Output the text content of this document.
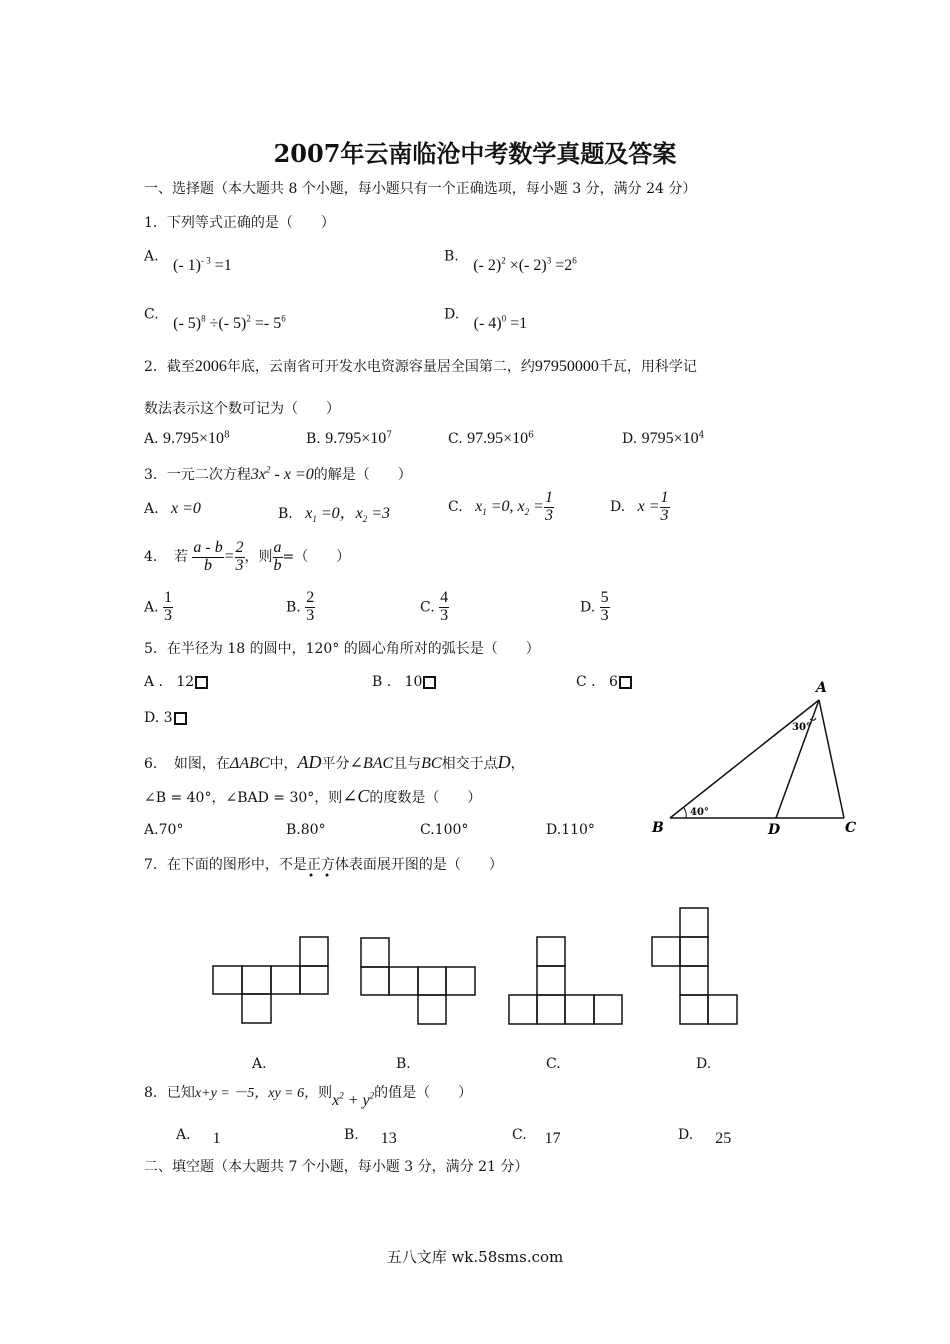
2007年云南临沧中考数学真题及答案
一、选择题（本大题共 8 个小题，每小题只有一个正确选项，每小题 3 分，满分 24 分）
1．下列等式正确的是（　　）
A. (- 1)$^{- 3}$ =1
B. (- 2)$^2$ ×(- $2)^3 =2^6$
C. (- 5)$^8$ ÷(- $5)^2 =- 5^6$	D. (- 4)$^0$ =1
2．截至2006年底，云南省可开发水电资源容量居全国第二，约97950000千瓦，用科学记
数法表示这个数可记为（　　）
A. $9.795\times 10^8$	B. $9.795\times 10^7$	C. $97.95\times 10^6$	D. $9795\times 10^4$
3．一元二次方程$3x^2 - x =0$的解是（　　）
A. x =0	B. $x_1 =0$，$x_2 =3$	C. $x_1 =0$, $x_2 = \frac{1}{3}$	D. $x = \frac{1}{3}$
4．　若 $\frac{a - b}{b} = \frac{2}{3}$ ，则 $\frac{a}{b}$ =（　　）
A. $\frac{1}{3}$	B. $\frac{2}{3}$	C. $\frac{4}{3}$	D. $\frac{5}{3}$
5．在半径为 18 的圆中，120° 的圆心角所对的弧长是（　　）
A . 12	B . 10	C . 6
D. 3
6．　如图，在ΔABC中，AD平分∠BAC且与BC相交于点D，
∠B = 40°，∠BAD = 30°，则∠C的度数是（　　）
A.70°	B.80°	C.100°	D.110°
A
B	C
D
30°
40°
7．在下面的图形中，不是正方体表面展开图的是（　　）
A.	B.	C.	D.
8．已知x+y = －5，xy = 6，则$x^2 + y^2$的值是（　　）
A. 1	B. 13	C. 17	D. 25
二、填空题（本大题共 7 个小题，每小题 3 分，满分 21 分）
五八文库 wk.58sms.com
